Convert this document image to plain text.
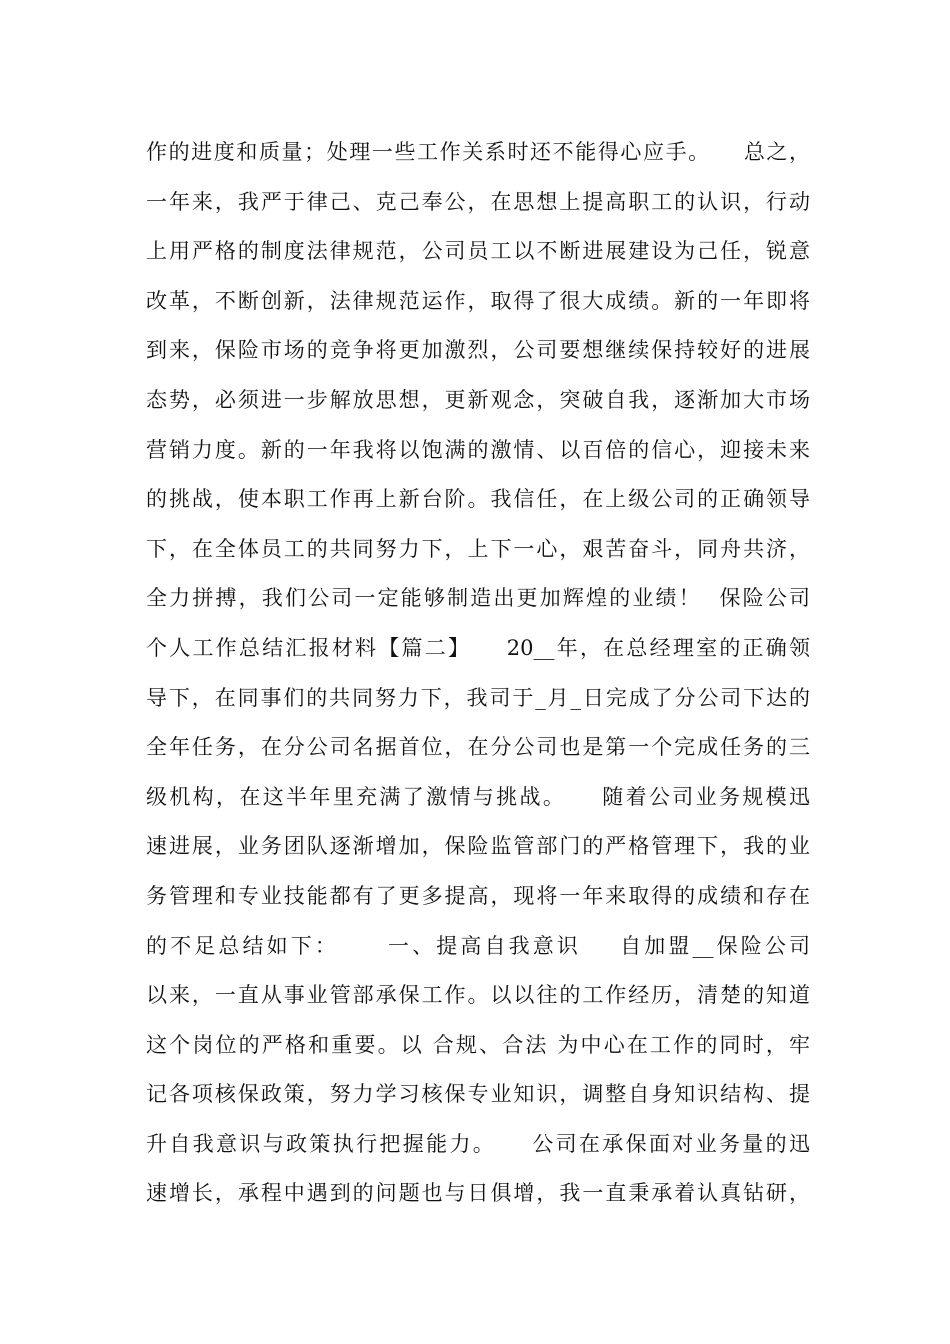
作的进度和质量；处理一些工作关系时还不能得心应手。    总之，
一年来，我严于律己、克己奉公，在思想上提高职工的认识，行动
上用严格的制度法律规范，公司员工以不断进展建设为己任，锐意
改革，不断创新，法律规范运作，取得了很大成绩。新的一年即将
到来，保险市场的竞争将更加激烈，公司要想继续保持较好的进展
态势，必须进一步解放思想，更新观念，突破自我，逐渐加大市场
营销力度。新的一年我将以饱满的激情、以百倍的信心，迎接未来
的挑战，使本职工作再上新台阶。我信任，在上级公司的正确领导
下，在全体员工的共同努力下，上下一心，艰苦奋斗，同舟共济，
全力拼搏，我们公司一定能够制造出更加辉煌的业绩！  保险公司
个人工作总结汇报材料【篇二】    20__年，在总经理室的正确领
导下，在同事们的共同努力下，我司于_月_日完成了分公司下达的
全年任务，在分公司名据首位，在分公司也是第一个完成任务的三
级机构，在这半年里充满了激情与挑战。    随着公司业务规模迅
速进展，业务团队逐渐增加，保险监管部门的严格管理下，我的业
务管理和专业技能都有了更多提高，现将一年来取得的成绩和存在
的不足总结如下：     一、提高自我意识    自加盟__保险公司
以来，一直从事业管部承保工作。以以往的工作经历，清楚的知道
这个岗位的严格和重要。以 合规、合法 为中心在工作的同时，牢
记各项核保政策，努力学习核保专业知识，调整自身知识结构、提
升自我意识与政策执行把握能力。    公司在承保面对业务量的迅
速增长，承程中遇到的问题也与日俱增，我一直秉承着认真钻研，
